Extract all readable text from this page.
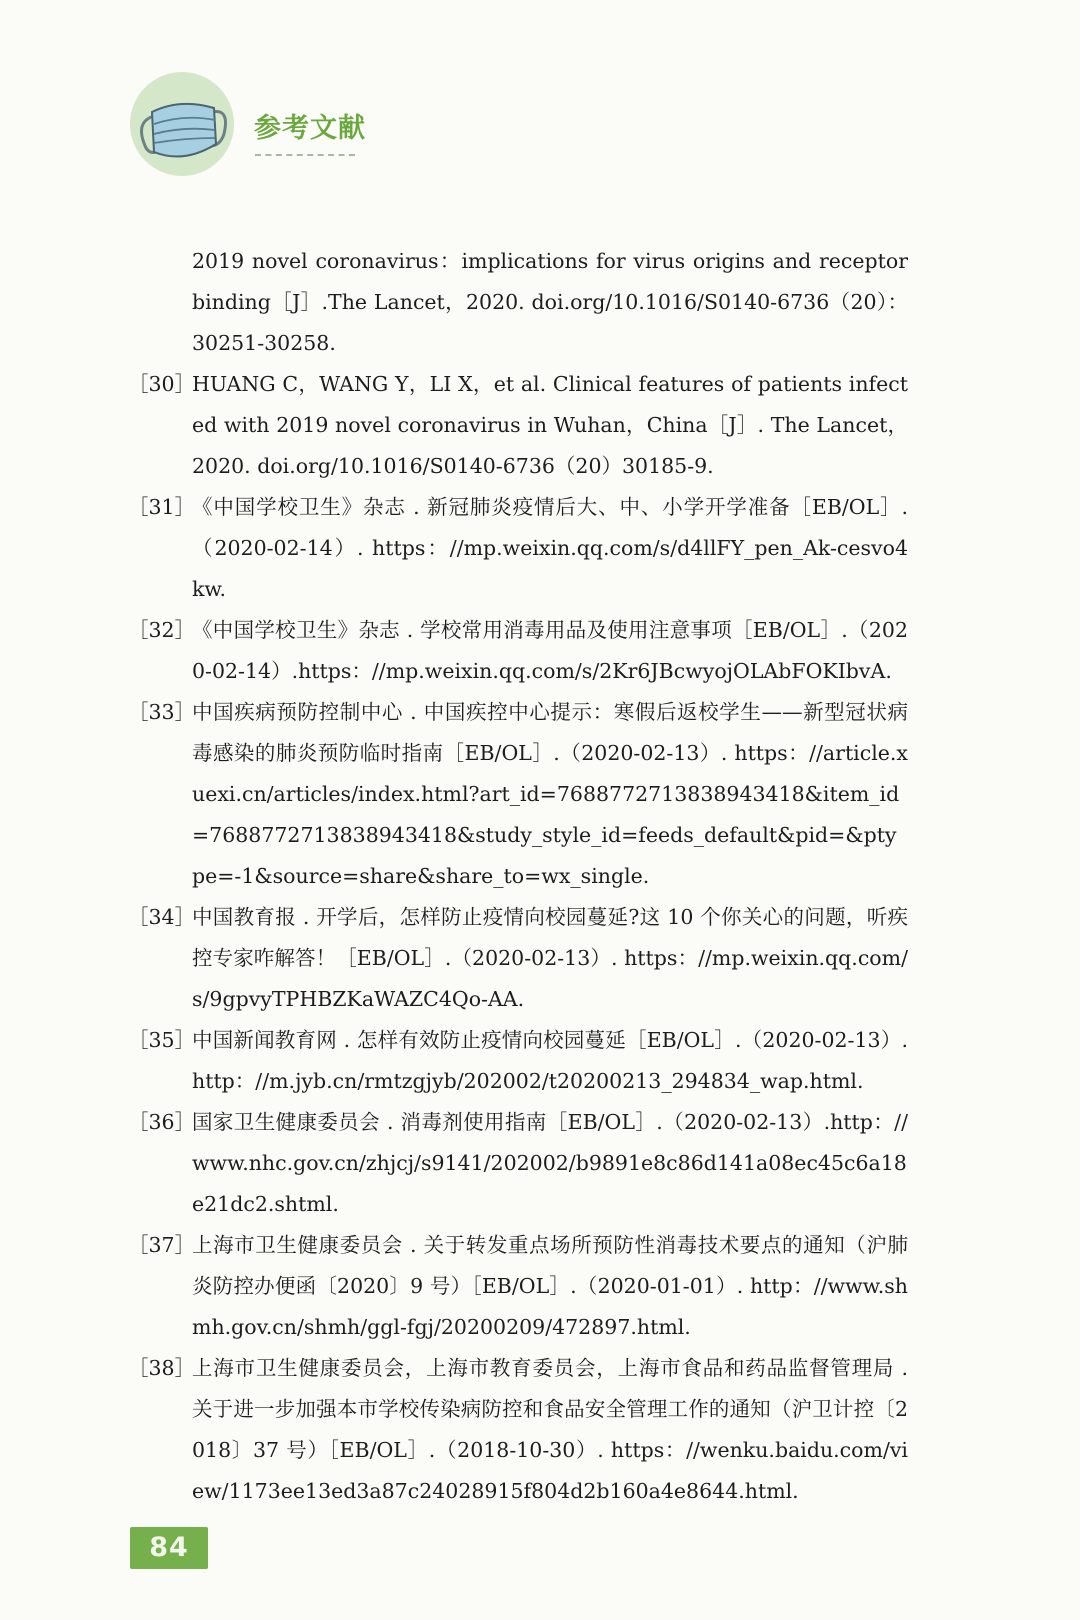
参考文献
2019 novel coronavirus：implications for virus origins and receptor binding［J］.The Lancet，2020. doi.org/10.1016/S0140-6736（20）：30251-30258.
［30］
HUANG C，WANG Y，LI X，et al. Clinical features of patients infected with 2019 novel coronavirus in Wuhan，China［J］. The Lancet，2020. doi.org/10.1016/S0140-6736（20）30185-9.
［31］
《中国学校卫生》杂志 . 新冠肺炎疫情后大、中、小学开学准备［EB/OL］.（2020-02-14）. https：//mp.weixin.qq.com/s/d4llFY_pen_Ak-cesvo4kw.
［32］
《中国学校卫生》杂志 . 学校常用消毒用品及使用注意事项［EB/OL］.（2020-02-14）.https：//mp.weixin.qq.com/s/2Kr6JBcwyojOLAbFOKIbvA.
［33］
中国疾病预防控制中心 . 中国疾控中心提示：寒假后返校学生——新型冠状病毒感染的肺炎预防临时指南［EB/OL］.（2020-02-13）. https：//article.xuexi.cn/articles/index.html?art_id=7688772713838943418&item_id=7688772713838943418&study_style_id=feeds_default&pid=&ptype=-1&source=share&share_to=wx_single.
［34］
中国教育报 . 开学后，怎样防止疫情向校园蔓延?这 10 个你关心的问题，听疾控专家咋解答！［EB/OL］.（2020-02-13）. https：//mp.weixin.qq.com/s/9gpvyTPHBZKaWAZC4Qo-AA.
［35］
中国新闻教育网 . 怎样有效防止疫情向校园蔓延［EB/OL］.（2020-02-13）.http：//m.jyb.cn/rmtzgjyb/202002/t20200213_294834_wap.html.
［36］
国家卫生健康委员会 . 消毒剂使用指南［EB/OL］.（2020-02-13）.http：//www.nhc.gov.cn/zhjcj/s9141/202002/b9891e8c86d141a08ec45c6a18e21dc2.shtml.
［37］
上海市卫生健康委员会 . 关于转发重点场所预防性消毒技术要点的通知（沪肺炎防控办便函〔2020〕9 号）［EB/OL］.（2020-01-01）. http：//www.shmh.gov.cn/shmh/ggl-fgj/20200209/472897.html.
［38］
上海市卫生健康委员会，上海市教育委员会，上海市食品和药品监督管理局 . 关于进一步加强本市学校传染病防控和食品安全管理工作的通知（沪卫计控〔2018〕37 号）［EB/OL］.（2018-10-30）. https：//wenku.baidu.com/view/1173ee13ed3a87c24028915f804d2b160a4e8644.html.
84
